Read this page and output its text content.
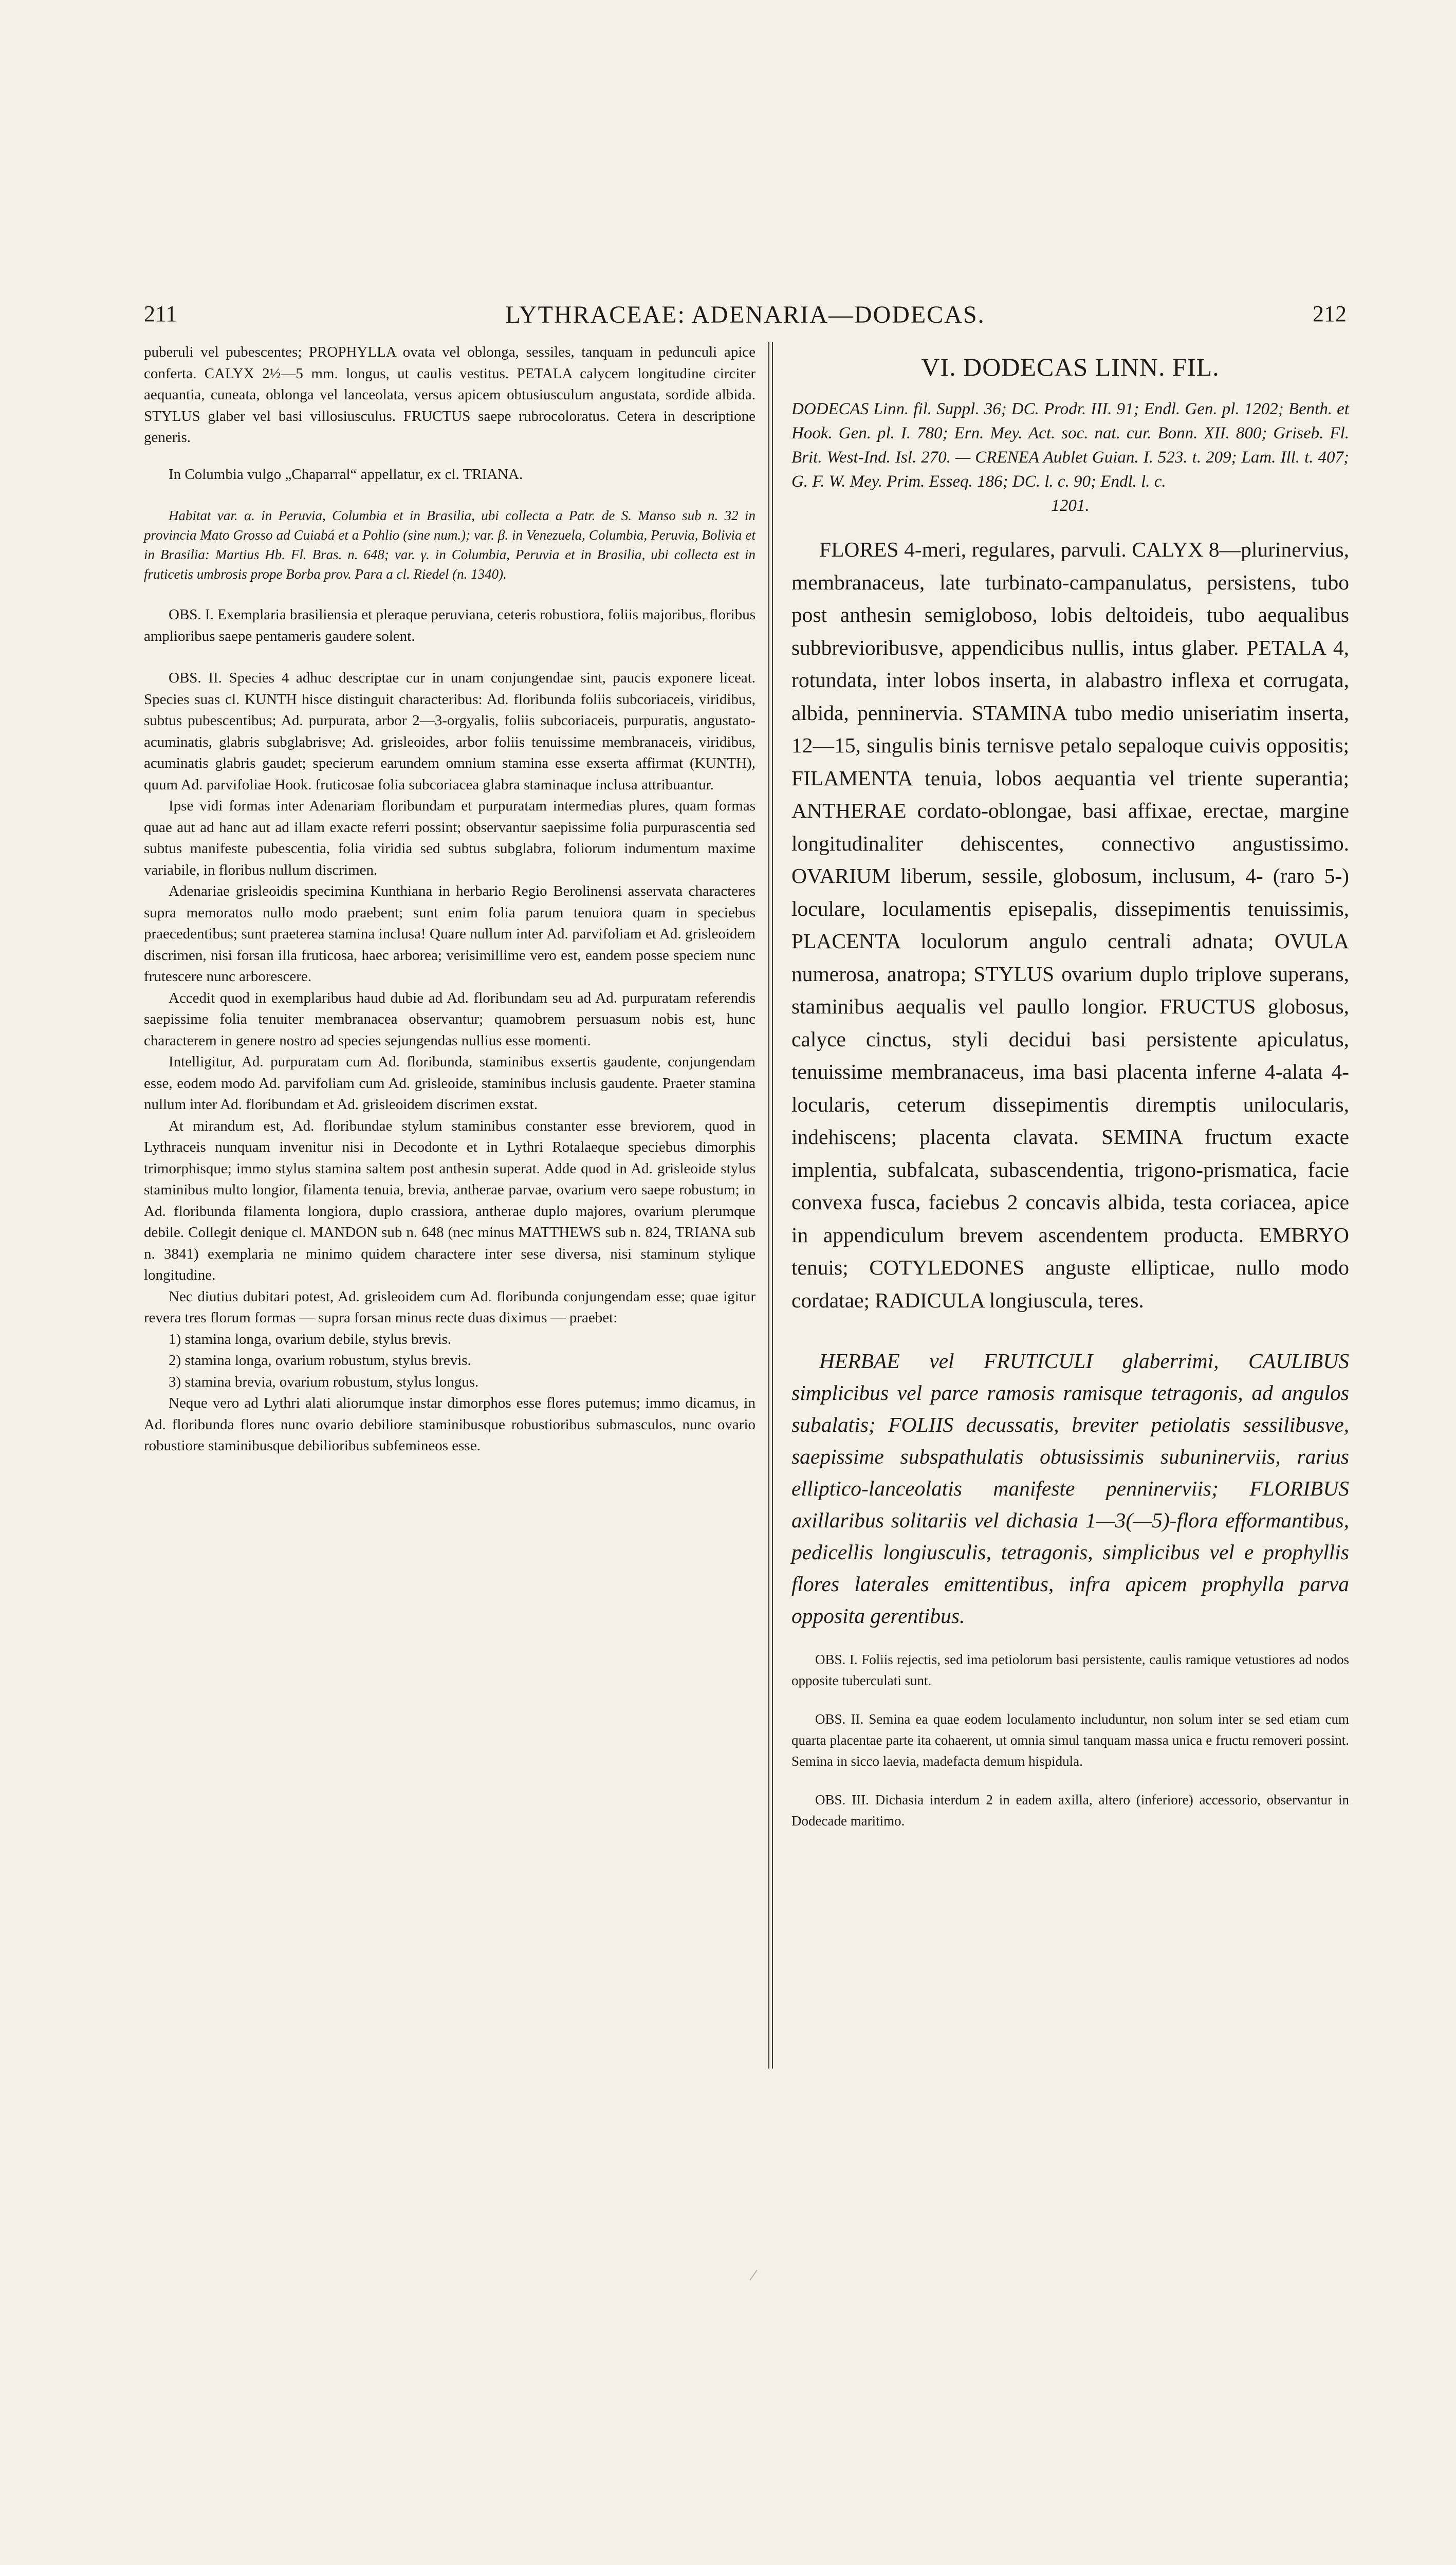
211	LYTHRACEAE: ADENARIA—DODECAS.	212

puberuli vel pubescentes; PROPHYLLA ovata vel oblonga, sessiles, tanquam in pedunculi apice conferta. CALYX 2½—5 mm. longus, ut caulis vestitus. PETALA calycem longitudine circiter aequantia, cuneata, oblonga vel lanceolata, versus apicem obtusiusculum angustata, sordide albida. STYLUS glaber vel basi villosiusculus. FRUCTUS saepe rubrocoloratus. Cetera in descriptione generis.

In Columbia vulgo „Chaparral“ appellatur, ex cl. TRIANA.

Habitat var. α. in Peruvia, Columbia et in Brasilia, ubi collecta a Patr. de S. Manso sub n. 32 in provincia Mato Grosso ad Cuiabá et a Pohlio (sine num.); var. β. in Venezuela, Columbia, Peruvia, Bolivia et in Brasilia: Martius Hb. Fl. Bras. n. 648; var. γ. in Columbia, Peruvia et in Brasilia, ubi collecta est in fruticetis umbrosis prope Borba prov. Para a cl. Riedel (n. 1340).

OBS. I. Exemplaria brasiliensia et pleraque peruviana, ceteris robustiora, foliis majoribus, floribus amplioribus saepe pentameris gaudere solent.

OBS. II. Species 4 adhuc descriptae cur in unam conjungendae sint, paucis exponere liceat. Species suas cl. KUNTH hisce distinguit characteribus: Ad. floribunda foliis subcoriaceis, viridibus, subtus pubescentibus; Ad. purpurata, arbor 2—3-orgyalis, foliis subcoriaceis, purpuratis, angustato-acuminatis, glabris subglabrisve; Ad. grisleoides, arbor foliis tenuissime membranaceis, viridibus, acuminatis glabris gaudet; specierum earundem omnium stamina esse exserta affirmat (KUNTH), quum Ad. parvifoliae Hook. fruticosae folia subcoriacea glabra staminaque inclusa attribuantur.

Ipse vidi formas inter Adenariam floribundam et purpuratam intermedias plures, quam formas quae aut ad hanc aut ad illam exacte referri possint; observantur saepissime folia purpurascentia sed subtus manifeste pubescentia, folia viridia sed subtus subglabra, foliorum indumentum maxime variabile, in floribus nullum discrimen.

Adenariae grisleoidis specimina Kunthiana in herbario Regio Berolinensi asservata characteres supra memoratos nullo modo praebent; sunt enim folia parum tenuiora quam in speciebus praecedentibus; sunt praeterea stamina inclusa! Quare nullum inter Ad. parvifoliam et Ad. grisleoidem discrimen, nisi forsan illa fruticosa, haec arborea; verisimillime vero est, eandem posse speciem nunc frutescere nunc arborescere.

Accedit quod in exemplaribus haud dubie ad Ad. floribundam seu ad Ad. purpuratam referendis saepissime folia tenuiter membranacea observantur; quamobrem persuasum nobis est, hunc characterem in genere nostro ad species sejungendas nullius esse momenti.

Intelligitur, Ad. purpuratam cum Ad. floribunda, staminibus exsertis gaudente, conjungendam esse, eodem modo Ad. parvifoliam cum Ad. grisleoide, staminibus inclusis gaudente. Praeter stamina nullum inter Ad. floribundam et Ad. grisleoidem discrimen exstat.

At mirandum est, Ad. floribundae stylum staminibus constanter esse breviorem, quod in Lythraceis nunquam invenitur nisi in Decodonte et in Lythri Rotalaeque speciebus dimorphis trimorphisque; immo stylus stamina saltem post anthesin superat. Adde quod in Ad. grisleoide stylus staminibus multo longior, filamenta tenuia, brevia, antherae parvae, ovarium vero saepe robustum; in Ad. floribunda filamenta longiora, duplo crassiora, antherae duplo majores, ovarium plerumque debile. Collegit denique cl. MANDON sub n. 648 (nec minus MATTHEWS sub n. 824, TRIANA sub n. 3841) exemplaria ne minimo quidem charactere inter sese diversa, nisi staminum stylique longitudine.

Nec diutius dubitari potest, Ad. grisleoidem cum Ad. floribunda conjungendam esse; quae igitur revera tres florum formas — supra forsan minus recte duas diximus — praebet:

1) stamina longa, ovarium debile, stylus brevis.
2) stamina longa, ovarium robustum, stylus brevis.
3) stamina brevia, ovarium robustum, stylus longus.

Neque vero ad Lythri alati aliorumque instar dimorphos esse flores putemus; immo dicamus, in Ad. floribunda flores nunc ovario debiliore staminibusque robustioribus submasculos, nunc ovario robustiore staminibusque debilioribus subfemineos esse.

VI. DODECAS LINN. FIL.

DODECAS Linn. fil. Suppl. 36; DC. Prodr. III. 91; Endl. Gen. pl. 1202; Benth. et Hook. Gen. pl. I. 780; Ern. Mey. Act. soc. nat. cur. Bonn. XII. 800; Griseb. Fl. Brit. West-Ind. Isl. 270. — CRENEA Aublet Guian. I. 523. t. 209; Lam. Ill. t. 407; G. F. W. Mey. Prim. Esseq. 186; DC. l. c. 90; Endl. l. c.

1201.

FLORES 4-meri, regulares, parvuli. CALYX 8—plurinervius, membranaceus, late turbinato-campanulatus, persistens, tubo post anthesin semigloboso, lobis deltoideis, tubo aequalibus subbrevioribusve, appendicibus nullis, intus glaber. PETALA 4, rotundata, inter lobos inserta, in alabastro inflexa et corrugata, albida, penninervia. STAMINA tubo medio uniseriatim inserta, 12—15, singulis binis ternisve petalo sepaloque cuivis oppositis; FILAMENTA tenuia, lobos aequantia vel triente superantia; ANTHERAE cordato-oblongae, basi affixae, erectae, margine longitudinaliter dehiscentes, connectivo angustissimo. OVARIUM liberum, sessile, globosum, inclusum, 4- (raro 5-) loculare, loculamentis episepalis, dissepimentis tenuissimis, PLACENTA loculorum angulo centrali adnata; OVULA numerosa, anatropa; STYLUS ovarium duplo triplove superans, staminibus aequalis vel paullo longior. FRUCTUS globosus, calyce cinctus, styli decidui basi persistente apiculatus, tenuissime membranaceus, ima basi placenta inferne 4-alata 4-locularis, ceterum dissepimentis diremptis unilocularis, indehiscens; placenta clavata. SEMINA fructum exacte implentia, subfalcata, subascendentia, trigono-prismatica, facie convexa fusca, faciebus 2 concavis albida, testa coriacea, apice in appendiculum brevem ascendentem producta. EMBRYO tenuis; COTYLEDONES anguste ellipticae, nullo modo cordatae; RADICULA longiuscula, teres.

HERBAE vel FRUTICULI glaberrimi, CAULIBUS simplicibus vel parce ramosis ramisque tetragonis, ad angulos subalatis; FOLIIS decussatis, breviter petiolatis sessilibusve, saepissime subspathulatis obtusissimis subuninerviis, rarius elliptico-lanceolatis manifeste penninerviis; FLORIBUS axillaribus solitariis vel dichasia 1—3(—5)-flora efformantibus, pedicellis longiusculis, tetragonis, simplicibus vel e prophyllis flores laterales emittentibus, infra apicem prophylla parva opposita gerentibus.

OBS. I. Foliis rejectis, sed ima petiolorum basi persistente, caulis ramique vetustiores ad nodos opposite tuberculati sunt.

OBS. II. Semina ea quae eodem loculamento includuntur, non solum inter se sed etiam cum quarta placentae parte ita cohaerent, ut omnia simul tanquam massa unica e fructu removeri possint. Semina in sicco laevia, madefacta demum hispidula.

OBS. III. Dichasia interdum 2 in eadem axilla, altero (inferiore) accessorio, observantur in Dodecade maritimo.
